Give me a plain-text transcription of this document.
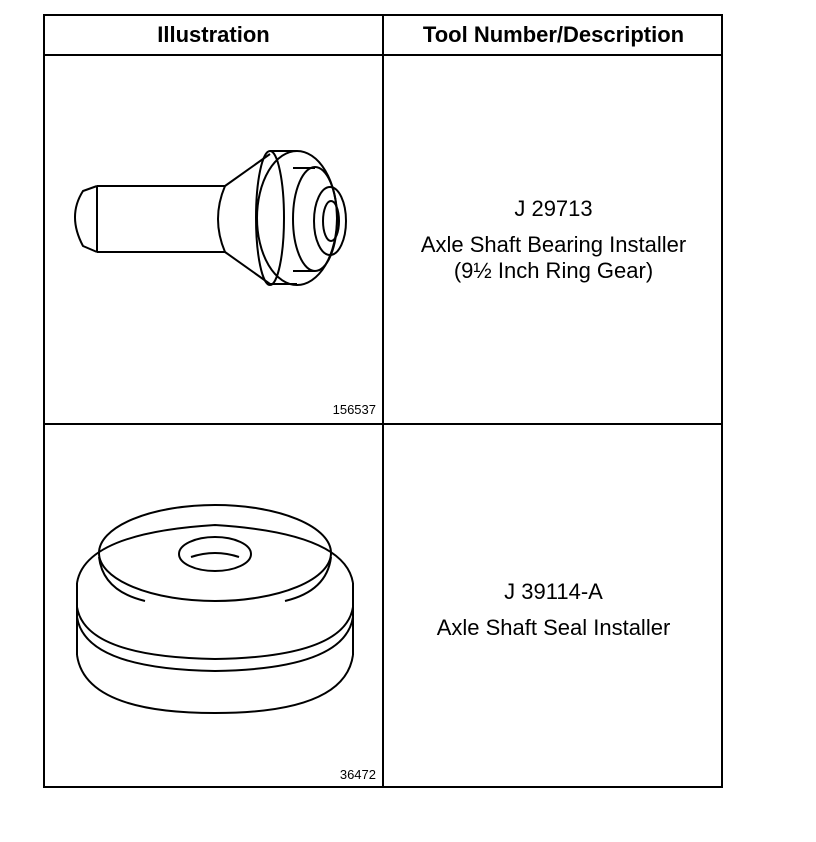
Illustration	Tool Number/Description
156537
J 29713
Axle Shaft Bearing Installer
(9½ Inch Ring Gear)
36472
J 39114-A
Axle Shaft Seal Installer
